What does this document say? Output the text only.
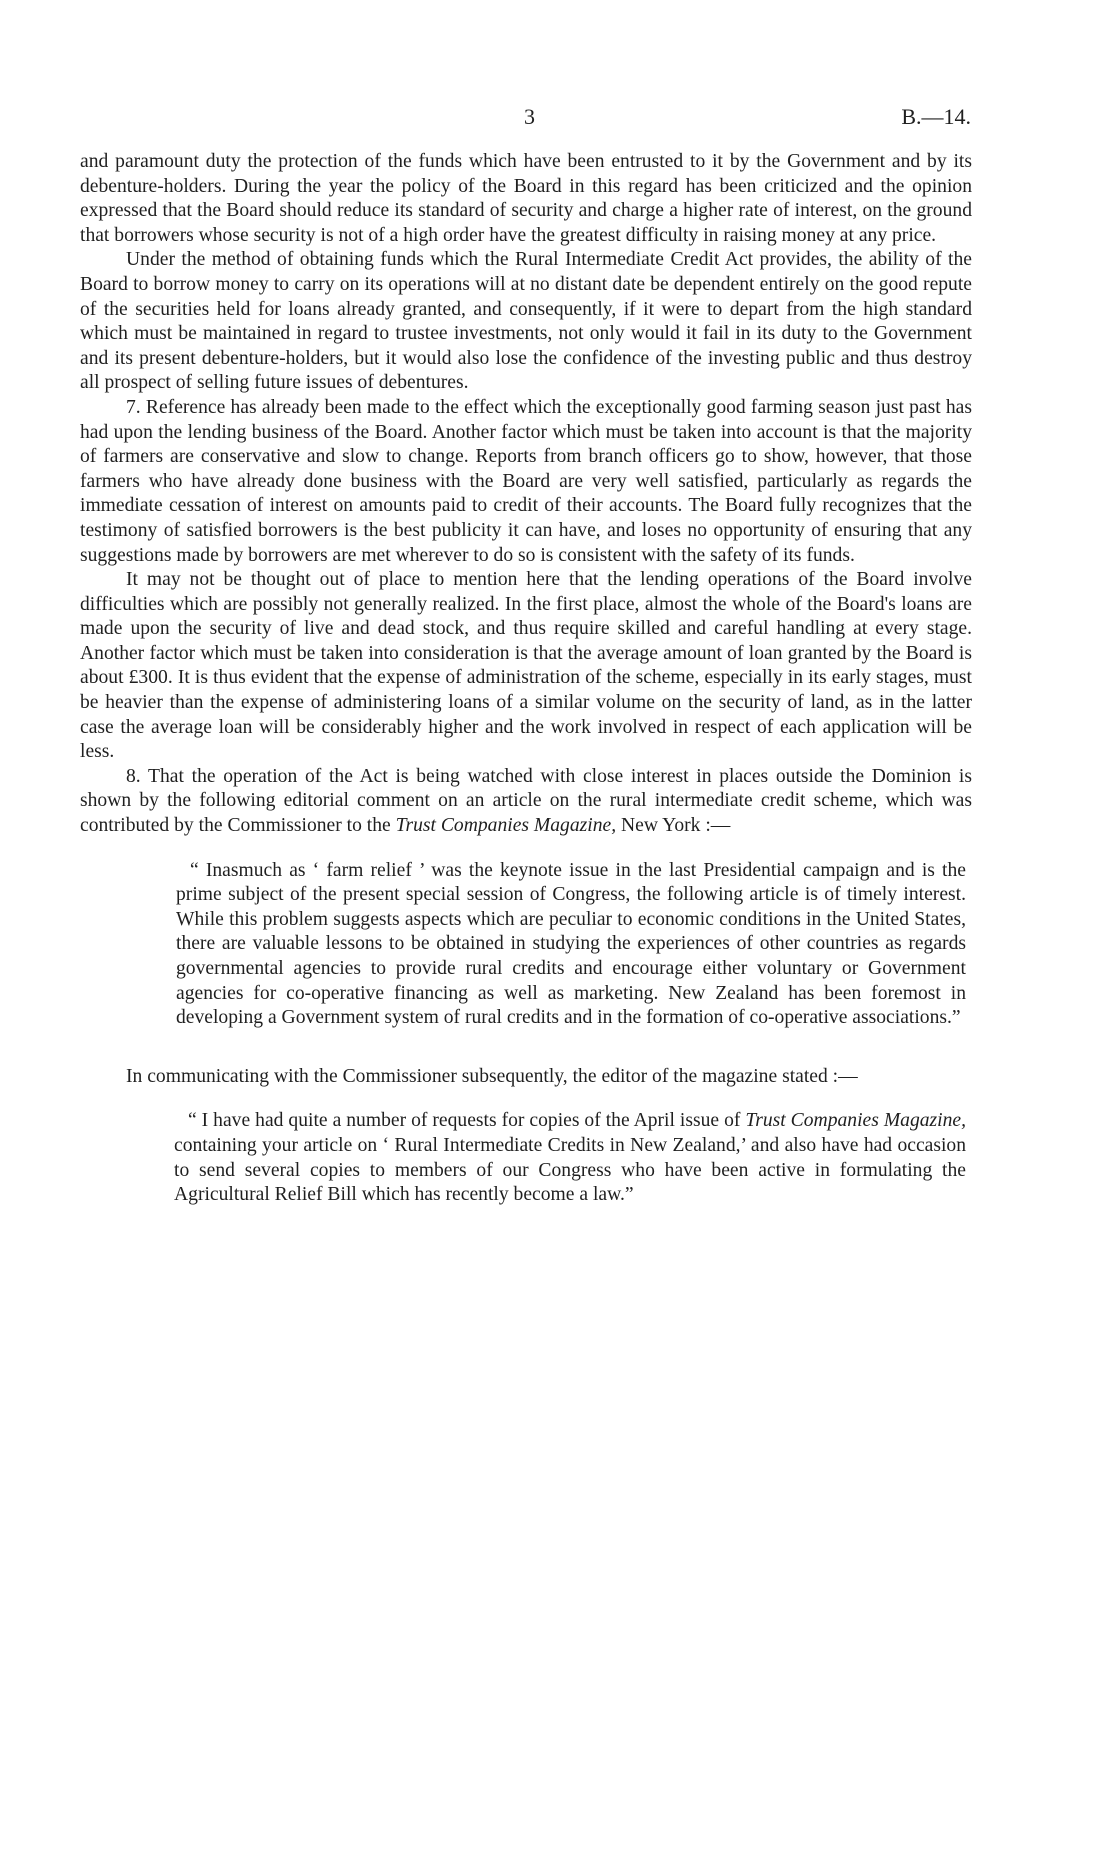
3	B.—14.

and paramount duty the protection of the funds which have been entrusted to it by the Government and by its debenture-holders. During the year the policy of the Board in this regard has been criticized and the opinion expressed that the Board should reduce its standard of security and charge a higher rate of interest, on the ground that borrowers whose security is not of a high order have the greatest difficulty in raising money at any price.

Under the method of obtaining funds which the Rural Intermediate Credit Act provides, the ability of the Board to borrow money to carry on its operations will at no distant date be dependent entirely on the good repute of the securities held for loans already granted, and consequently, if it were to depart from the high standard which must be maintained in regard to trustee investments, not only would it fail in its duty to the Government and its present debenture-holders, but it would also lose the confidence of the investing public and thus destroy all prospect of selling future issues of debentures.

7. Reference has already been made to the effect which the exceptionally good farming season just past has had upon the lending business of the Board. Another factor which must be taken into account is that the majority of farmers are conservative and slow to change. Reports from branch officers go to show, however, that those farmers who have already done business with the Board are very well satisfied, particularly as regards the immediate cessation of interest on amounts paid to credit of their accounts. The Board fully recognizes that the testimony of satisfied borrowers is the best publicity it can have, and loses no opportunity of ensuring that any suggestions made by borrowers are met wherever to do so is consistent with the safety of its funds.

It may not be thought out of place to mention here that the lending operations of the Board involve difficulties which are possibly not generally realized. In the first place, almost the whole of the Board's loans are made upon the security of live and dead stock, and thus require skilled and careful handling at every stage. Another factor which must be taken into consideration is that the average amount of loan granted by the Board is about £300. It is thus evident that the expense of administration of the scheme, especially in its early stages, must be heavier than the expense of administering loans of a similar volume on the security of land, as in the latter case the average loan will be considerably higher and the work involved in respect of each application will be less.

8. That the operation of the Act is being watched with close interest in places outside the Dominion is shown by the following editorial comment on an article on the rural intermediate credit scheme, which was contributed by the Commissioner to the Trust Companies Magazine, New York :—

“ Inasmuch as ‘ farm relief ’ was the keynote issue in the last Presidential campaign and is the prime subject of the present special session of Congress, the following article is of timely interest. While this problem suggests aspects which are peculiar to economic conditions in the United States, there are valuable lessons to be obtained in studying the experiences of other countries as regards governmental agencies to provide rural credits and encourage either voluntary or Government agencies for co-operative financing as well as marketing. New Zealand has been foremost in developing a Government system of rural credits and in the formation of co-operative associations.”

In communicating with the Commissioner subsequently, the editor of the magazine stated :—

“ I have had quite a number of requests for copies of the April issue of Trust Companies Magazine, containing your article on ‘ Rural Intermediate Credits in New Zealand,’ and also have had occasion to send several copies to members of our Congress who have been active in formulating the Agricultural Relief Bill which has recently become a law.”
